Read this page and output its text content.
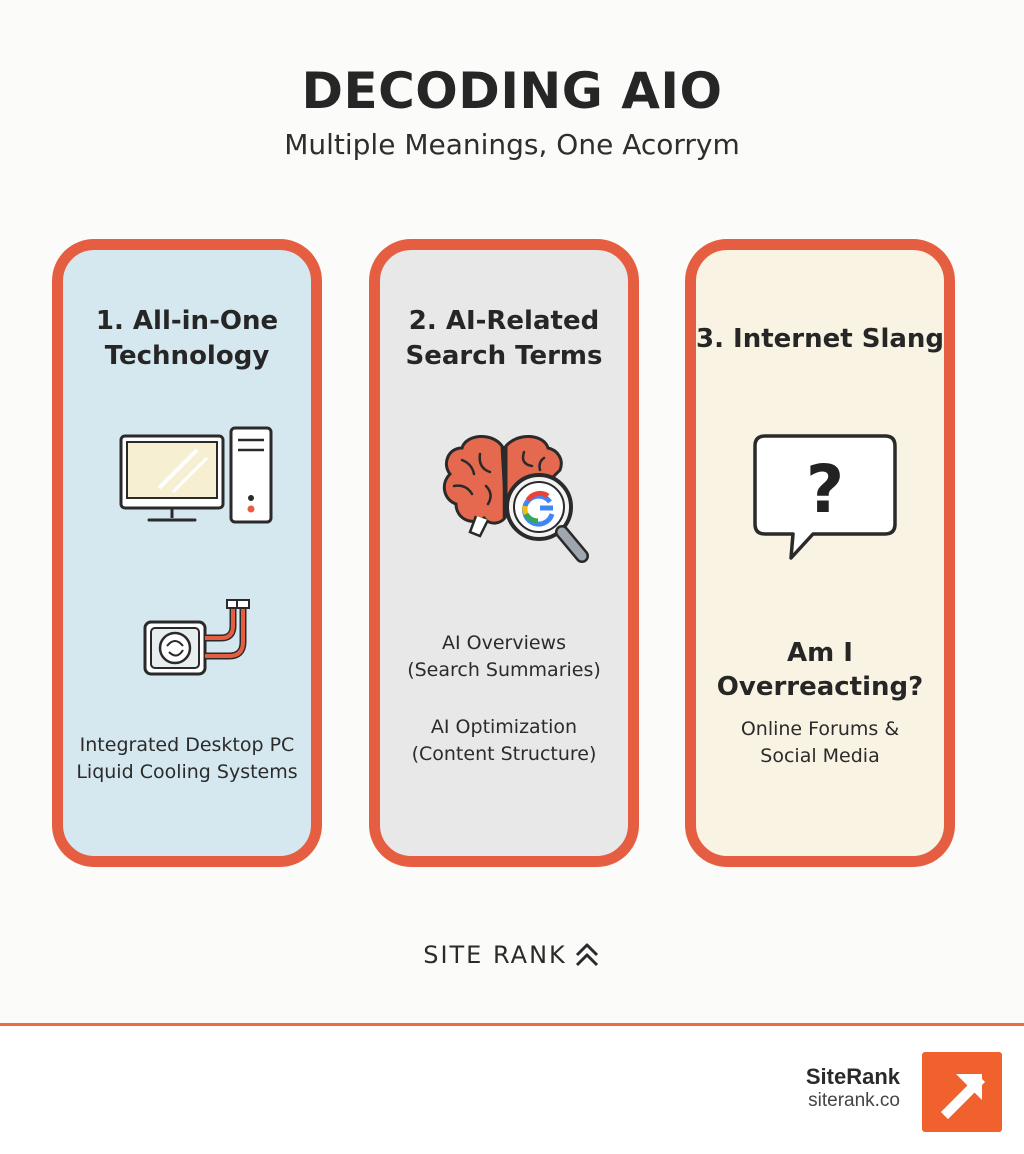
DECODING AIO
Multiple Meanings, One Acorrym
1. All-in-One
Technology
Integrated Desktop PC
Liquid Cooling Systems
2. AI-Related
Search Terms
AI Overviews
(Search Summaries)
AI Optimization
(Content Structure)
3. Internet Slang
?
Am I
Overreacting?
Online Forums &
Social Media
SITE RANK
SiteRank
siterank.co
